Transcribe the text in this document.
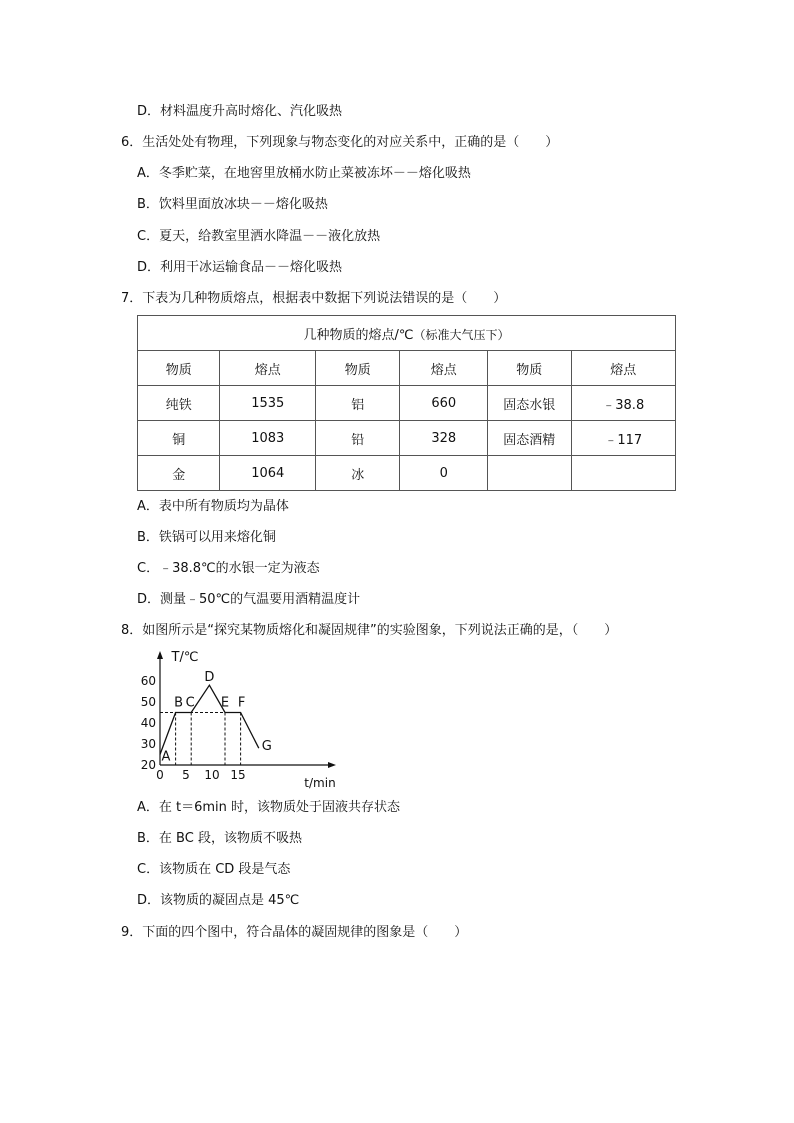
D．材料温度升高时熔化、汽化吸热
6．生活处处有物理，下列现象与物态变化的对应关系中，正确的是（　　）
A．冬季贮菜，在地窖里放桶水防止菜被冻坏－－熔化吸热
B．饮料里面放冰块－－熔化吸热
C．夏天，给教室里洒水降温－－液化放热
D．利用干冰运输食品－－熔化吸热
7．下表为几种物质熔点，根据表中数据下列说法错误的是（　　）
几种物质的熔点/℃（标准大气压下）					
物质	熔点	物质	熔点	物质	熔点
纯铁	1535	铝	660	固态水银	﹣38.8
铜	1083	铅	328	固态酒精	﹣117
金	1064	冰	0		
A．表中所有物质均为晶体
B．铁锅可以用来熔化铜
C．﹣38.8℃的水银一定为液态
D．测量﹣50℃的气温要用酒精温度计
8．如图所示是“探究某物质熔化和凝固规律”的实验图象，下列说法正确的是，（　　）
T/℃
t/min
0 5 10 15
20
30
40
50
60
A
B C
D
E F
G
A．在 t＝6min 时，该物质处于固液共存状态
B．在 BC 段，该物质不吸热
C．该物质在 CD 段是气态
D．该物质的凝固点是 45℃
9．下面的四个图中，符合晶体的凝固规律的图象是（　　）
